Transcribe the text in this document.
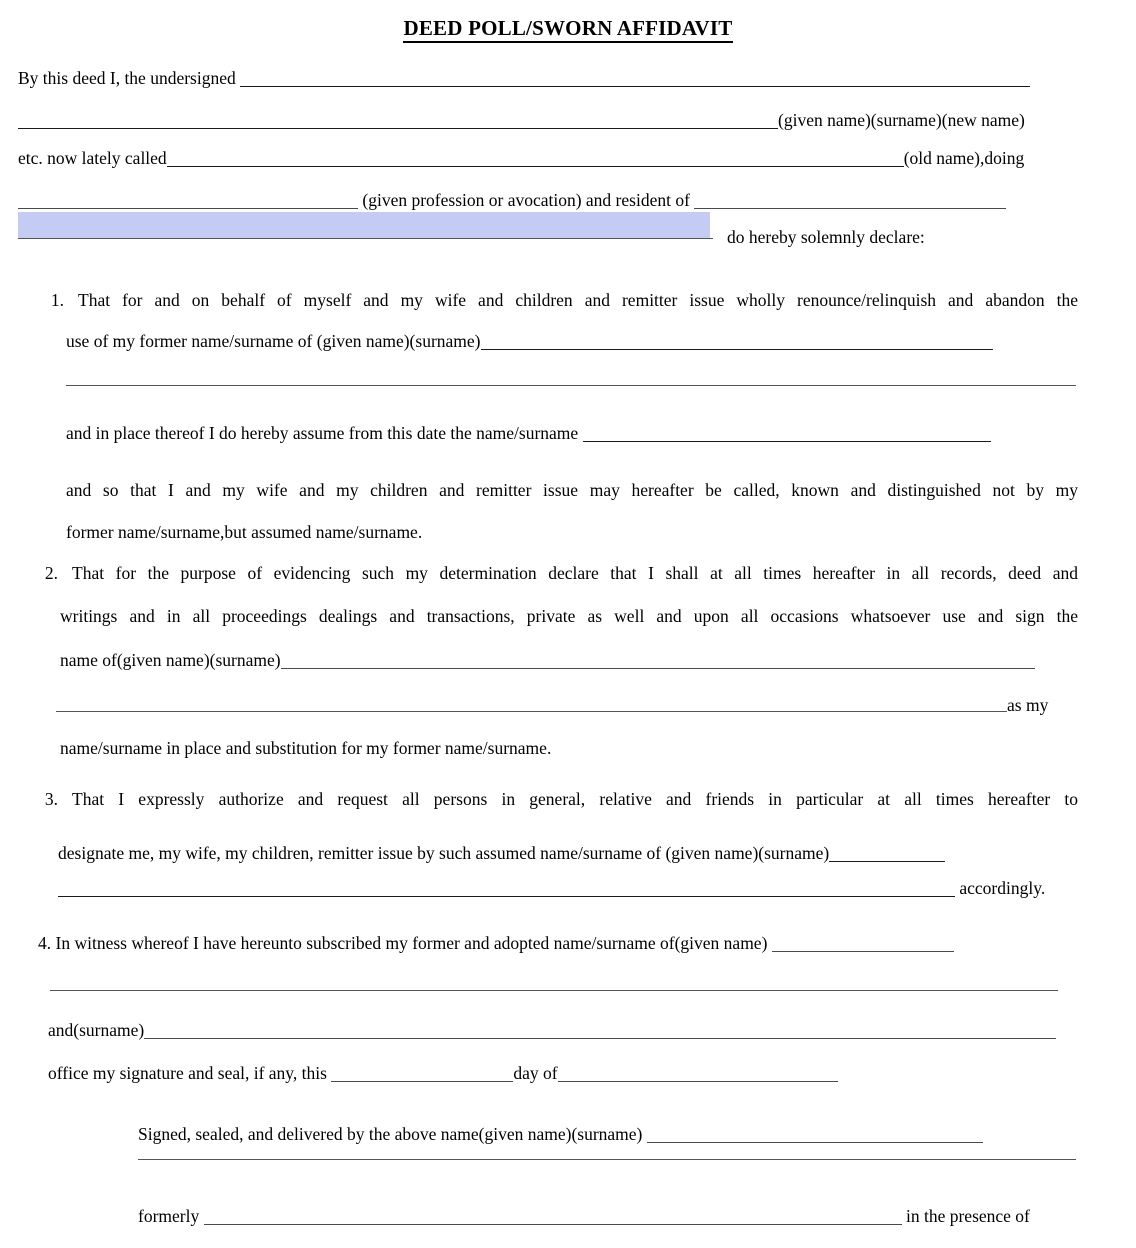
DEED POLL/SWORN AFFIDAVIT
By this deed I, the undersigned
(given name)(surname)(new name)
etc. now lately called	(old name),doing
(given profession or avocation) and resident of
do hereby solemnly declare:
1. That for and on behalf of myself and my wife and children and remitter issue wholly renounce/relinquish and abandon the
use of my former name/surname of (given name)(surname)
and in place thereof I do hereby assume from this date the name/surname
and so that I and my wife and my children and remitter issue may hereafter be called, known and distinguished not by my
former name/surname,but assumed name/surname.
2. That for the purpose of evidencing such my determination declare that I shall at all times hereafter in all records, deed and
writings and in all proceedings dealings and transactions, private as well and upon all occasions whatsoever use and sign the
name of(given name)(surname)
as my
name/surname in place and substitution for my former name/surname.
3. That I expressly authorize and request all persons in general, relative and friends in particular at all times hereafter to
designate me, my wife, my children, remitter issue by such assumed name/surname of (given name)(surname)
accordingly.
4. In witness whereof I have hereunto subscribed my former and adopted name/surname of(given name)
and(surname)
office my signature and seal, if any, this	day of
Signed, sealed, and delivered by the above name(given name)(surname)
formerly	in the presence of
